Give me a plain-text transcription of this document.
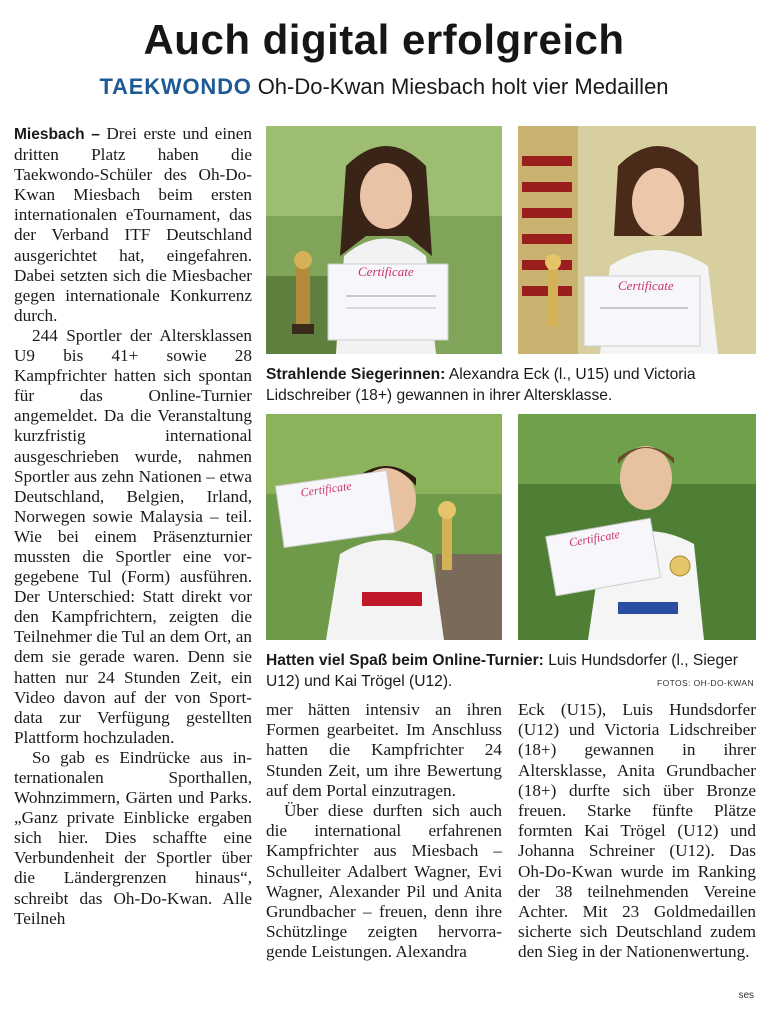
Auch digital erfolgreich
TAEKWONDO Oh-Do-Kwan Miesbach holt vier Medaillen

Miesbach – Drei erste und einen dritten Platz haben die Taekwondo-Schüler des Oh-Do-Kwan Miesbach beim ersten internationalen eTournament, das der Verband ITF Deutschland ausgerichtet hat, eingefahren. Dabei setzten sich die Miesbacher gegen internationale Konkurrenz durch.

244 Sportler der Altersklassen U9 bis 41+ sowie 28 Kampfrichter hatten sich spontan für das Online-Turnier angemeldet. Da die Veranstaltung kurzfristig international ausgeschrieben wurde, nahmen Sportler aus zehn Nationen – etwa Deutschland, Belgien, Irland, Norwegen sowie Malaysia – teil. Wie bei einem Präsenzturnier mussten die Sportler eine vorgegebene Tul (Form) ausführen. Der Unterschied: Statt direkt vor den Kampfrichtern, zeigten die Teilnehmer die Tul an dem Ort, an dem sie gerade waren. Denn sie hatten nur 24 Stunden Zeit, ein Video davon auf der von Sportdata zur Verfügung gestellten Plattform hochzuladen.

So gab es Eindrücke aus internationalen Sporthallen, Wohnzimmern, Gärten und Parks. „Ganz private Einblicke ergaben sich hier. Dies schaffte eine Verbundenheit der Sportler über die Ländergrenzen hinaus“, schreibt das Oh-Do-Kwan. Alle Teilneh

Certificate
Certificate
Strahlende Siegerinnen: Alexandra Eck (l., U15) und Victoria Lidschreiber (18+) gewannen in ihrer Altersklasse.
Certificate
Certificate
Hatten viel Spaß beim Online-Turnier: Luis Hundsdorfer (l., Sieger U12) und Kai Trögel (U12).	FOTOS: OH-DO-KWAN

mer hätten intensiv an ihren Formen gearbeitet. Im Anschluss hatten die Kampfrichter 24 Stunden Zeit, um ihre Bewertung auf dem Portal einzutragen.

Über diese durften sich auch die international erfahrenen Kampfrichter aus Miesbach – Schulleiter Adalbert Wagner, Evi Wagner, Alexander Pil und Anita Grundbacher – freuen, denn ihre Schützlinge zeigten hervorragende Leistungen. Alexandra

Eck (U15), Luis Hundsdorfer (U12) und Victoria Lidschreiber (18+) gewannen in ihrer Altersklasse, Anita Grundbacher (18+) durfte sich über Bronze freuen. Starke fünfte Plätze formten Kai Trögel (U12) und Johanna Schreiner (U12). Das Oh-Do-Kwan wurde im Ranking der 38 teilnehmenden Vereine Achter. Mit 23 Goldmedaillen sicherte sich Deutschland zudem den Sieg in der Nationenwertung.

ses
